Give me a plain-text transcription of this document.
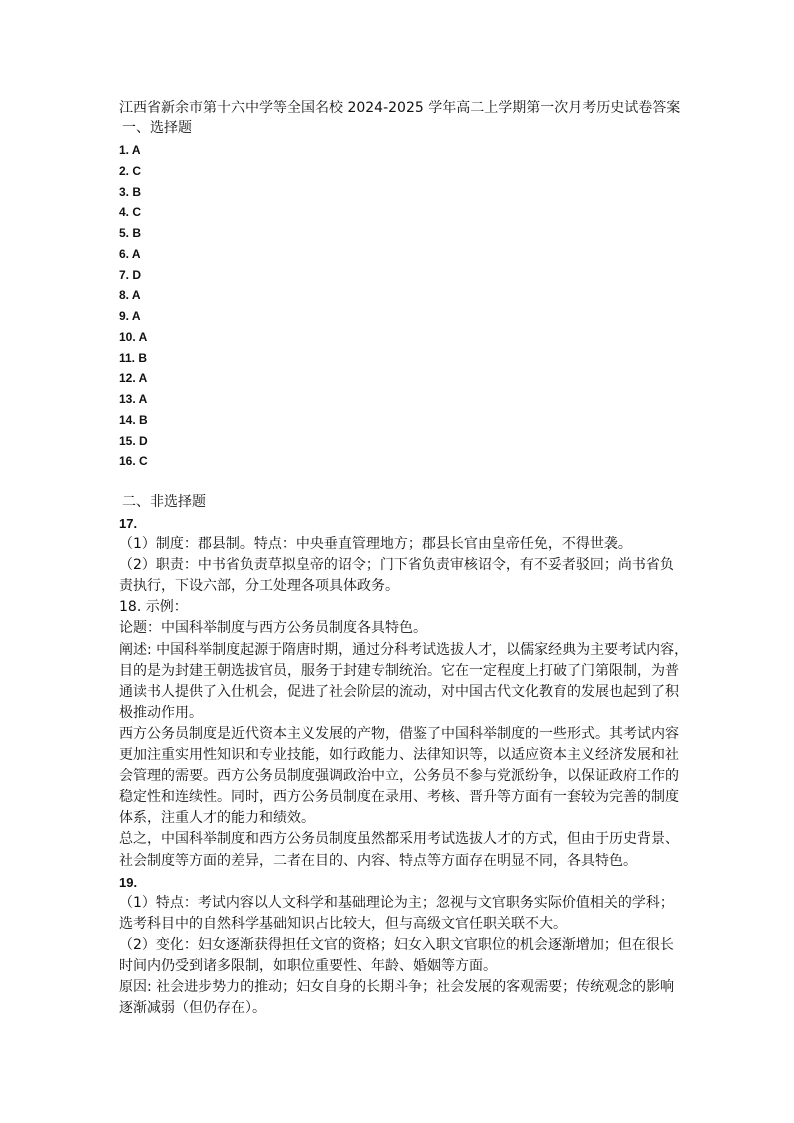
江西省新余市第十六中学等全国名校 2024-2025 学年高二上学期第一次月考历史试卷答案
一、选择题
1. A
2. C
3. B
4. C
5. B
6. A
7. D
8. A
9. A
10. A
11. B
12. A
13. A
14. B
15. D
16. C
二、非选择题
17.
（1）制度：郡县制。特点：中央垂直管理地方；郡县长官由皇帝任免，不得世袭。
（2）职责：中书省负责草拟皇帝的诏令；门下省负责审核诏令，有不妥者驳回；尚书省负
责执行，下设六部，分工处理各项具体政务。
18. 示例：
论题：中国科举制度与西方公务员制度各具特色。
阐述: 中国科举制度起源于隋唐时期，通过分科考试选拔人才，以儒家经典为主要考试内容，
目的是为封建王朝选拔官员，服务于封建专制统治。它在一定程度上打破了门第限制，为普
通读书人提供了入仕机会，促进了社会阶层的流动，对中国古代文化教育的发展也起到了积
极推动作用。
西方公务员制度是近代资本主义发展的产物，借鉴了中国科举制度的一些形式。其考试内容
更加注重实用性知识和专业技能，如行政能力、法律知识等，以适应资本主义经济发展和社
会管理的需要。西方公务员制度强调政治中立，公务员不参与党派纷争，以保证政府工作的
稳定性和连续性。同时，西方公务员制度在录用、考核、晋升等方面有一套较为完善的制度
体系，注重人才的能力和绩效。
总之，中国科举制度和西方公务员制度虽然都采用考试选拔人才的方式，但由于历史背景、
社会制度等方面的差异，二者在目的、内容、特点等方面存在明显不同，各具特色。
19.
（1）特点：考试内容以人文科学和基础理论为主；忽视与文官职务实际价值相关的学科；
选考科目中的自然科学基础知识占比较大，但与高级文官任职关联不大。
（2）变化：妇女逐渐获得担任文官的资格；妇女入职文官职位的机会逐渐增加；但在很长
时间内仍受到诸多限制，如职位重要性、年龄、婚姻等方面。
原因: 社会进步势力的推动；妇女自身的长期斗争；社会发展的客观需要；传统观念的影响
逐渐减弱（但仍存在）。
